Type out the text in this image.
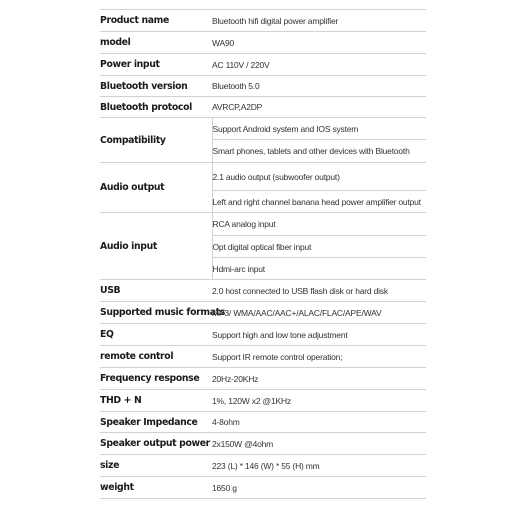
Product name	Bluetooth hifi digital power amplifier
model	WA90
Power input	AC 110V / 220V
Bluetooth version	Bluetooth 5.0
Bluetooth protocol	AVRCP,A2DP
Compatibility	Support Android system and IOS system
	Smart phones, tablets and other devices with Bluetooth
Audio output	2.1 audio output (subwoofer output)
	Left and right channel banana head power amplifier output
Audio input	RCA analog input
	Opt digital optical fiber input
	Hdmi-arc input
USB	2.0 host connected to USB flash disk or hard disk
Supported music formats	MP3/ WMA/AAC/AAC+/ALAC/FLAC/APE/WAV
EQ	Support high and low tone adjustment
remote control	Support IR remote control operation;
Frequency response	20Hz-20KHz
THD + N	1%, 120W x2 @1KHz
Speaker Impedance	4-8ohm
Speaker output power	2x150W @4ohm
size	223 (L) * 146 (W) * 55 (H) mm
weight	1650 g
